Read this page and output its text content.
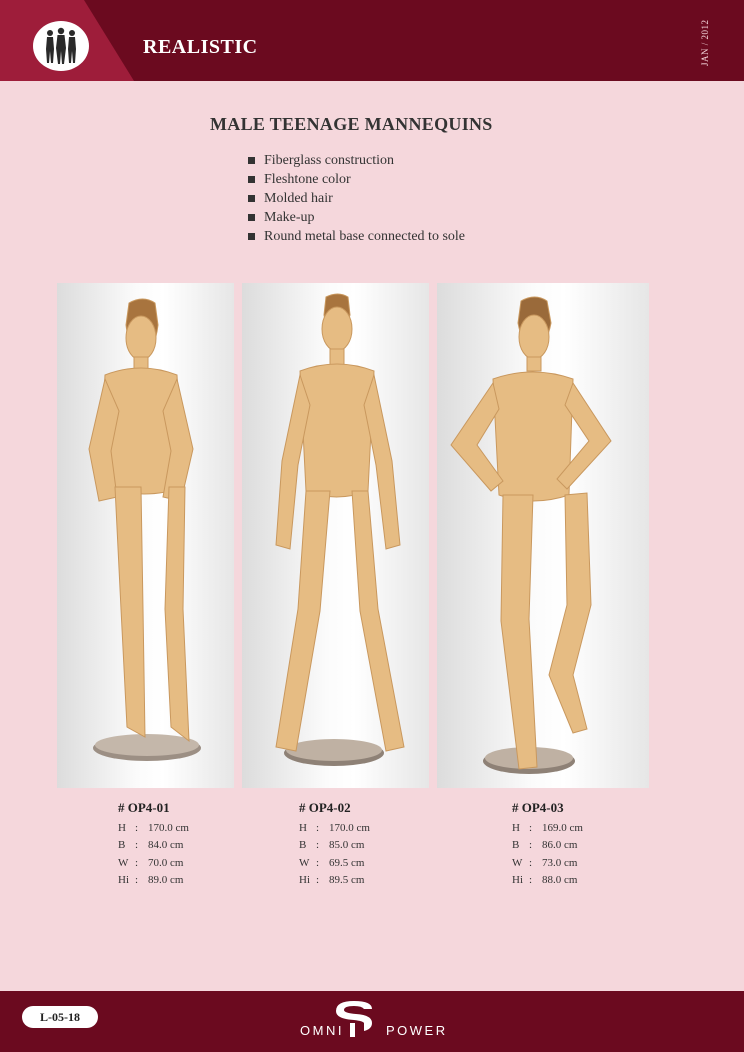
REALISTIC	JAN / 2012
MALE TEENAGE MANNEQUINS
Fiberglass construction
Fleshtone color
Molded hair
Make-up
Round metal base connected to sole
# OP4-01
H : 170.0 cm
B : 84.0 cm
W : 70.0 cm
Hi : 89.0 cm
# OP4-02
H : 170.0 cm
B : 85.0 cm
W : 69.5 cm
Hi : 89.5 cm
# OP4-03
H : 169.0 cm
B : 86.0 cm
W : 73.0 cm
Hi : 88.0 cm
L-05-18
OMNI	POWER
